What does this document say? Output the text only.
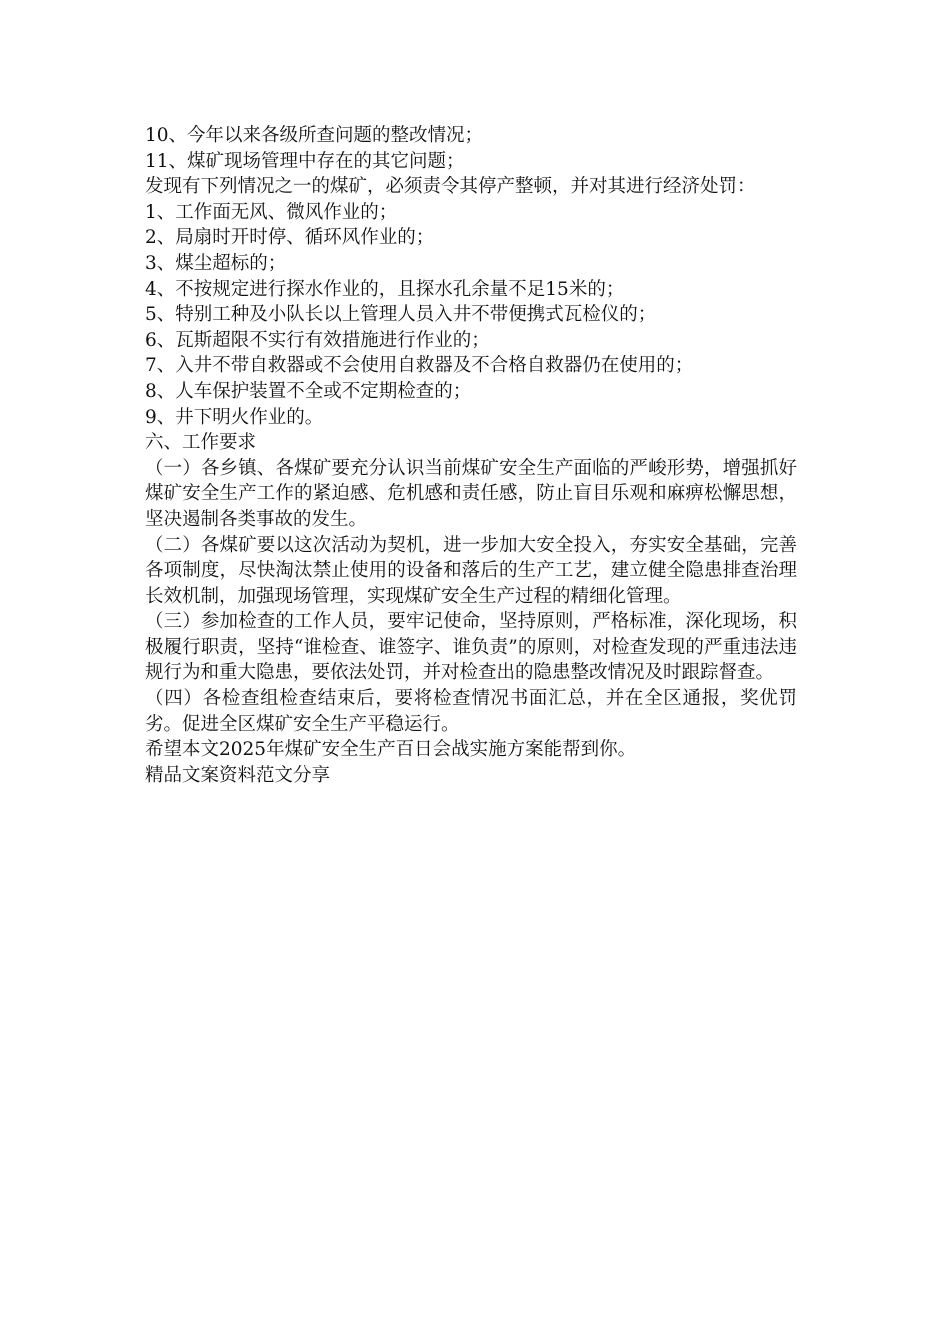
10、今年以来各级所查问题的整改情况；

11、煤矿现场管理中存在的其它问题；

发现有下列情况之一的煤矿，必须责令其停产整顿，并对其进行经济处罚：

1、工作面无风、微风作业的；

2、局扇时开时停、循环风作业的；

3、煤尘超标的；

4、不按规定进行探水作业的，且探水孔余量不足15米的；

5、特别工种及小队长以上管理人员入井不带便携式瓦检仪的；

6、瓦斯超限不实行有效措施进行作业的；

7、入井不带自救器或不会使用自救器及不合格自救器仍在使用的；

8、人车保护装置不全或不定期检查的；

9、井下明火作业的。

六、工作要求

（一）各乡镇、各煤矿要充分认识当前煤矿安全生产面临的严峻形势，增强抓好煤矿安全生产工作的紧迫感、危机感和责任感，防止盲目乐观和麻痹松懈思想，坚决遏制各类事故的发生。

（二）各煤矿要以这次活动为契机，进一步加大安全投入，夯实安全基础，完善各项制度，尽快淘汰禁止使用的设备和落后的生产工艺，建立健全隐患排查治理长效机制，加强现场管理，实现煤矿安全生产过程的精细化管理。

（三）参加检查的工作人员，要牢记使命，坚持原则，严格标准，深化现场，积极履行职责，坚持“谁检查、谁签字、谁负责”的原则，对检查发现的严重违法违规行为和重大隐患，要依法处罚，并对检查出的隐患整改情况及时跟踪督查。

（四）各检查组检查结束后，要将检查情况书面汇总，并在全区通报，奖优罚劣。促进全区煤矿安全生产平稳运行。

希望本文2025年煤矿安全生产百日会战实施方案能帮到你。

精品文案资料范文分享
